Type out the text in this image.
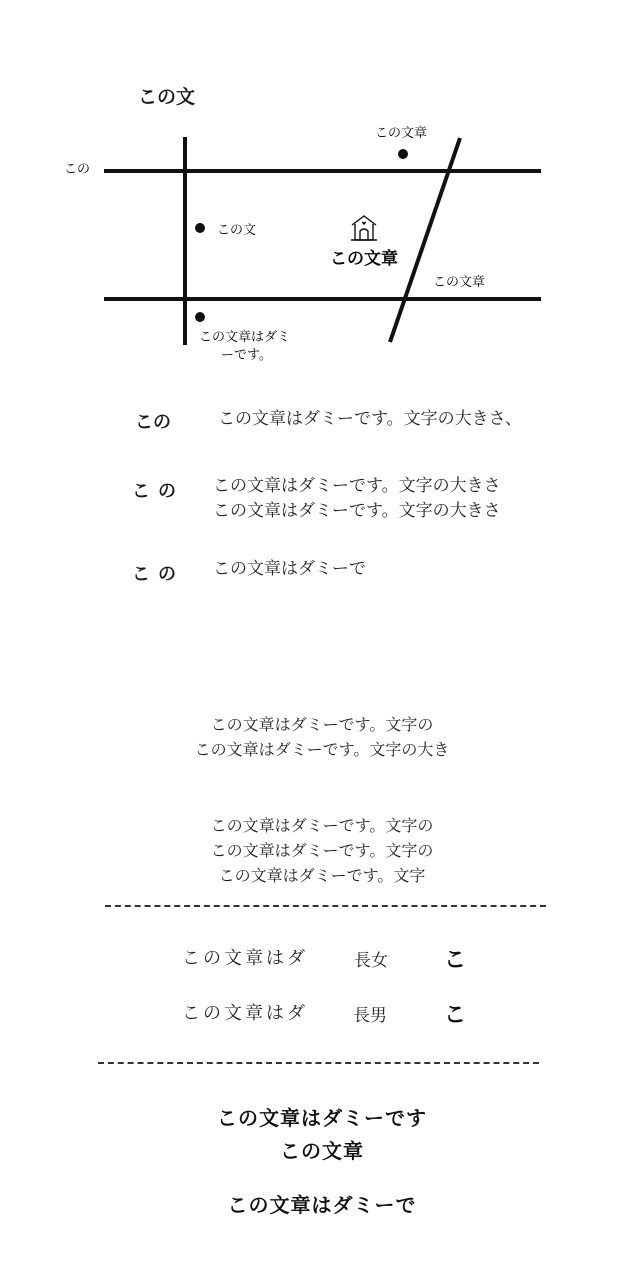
この文
この
この文章
この文
この文章
この文章
この文章はダミ
ーです。
この	この文章はダミーです。文字の大きさ、
この この文章はダミーです。文字の大きさ
この文章はダミーです。文字の大きさ
この この文章はダミーで
この文章はダミーです。文字の
この文章はダミーです。文字の大き
この文章はダミーです。文字の
この文章はダミーです。文字の
この文章はダミーです。文字
この文章はダ	長女	こ
この文章はダ	長男	こ
この文章はダミーです
この文章
この文章はダミーで
